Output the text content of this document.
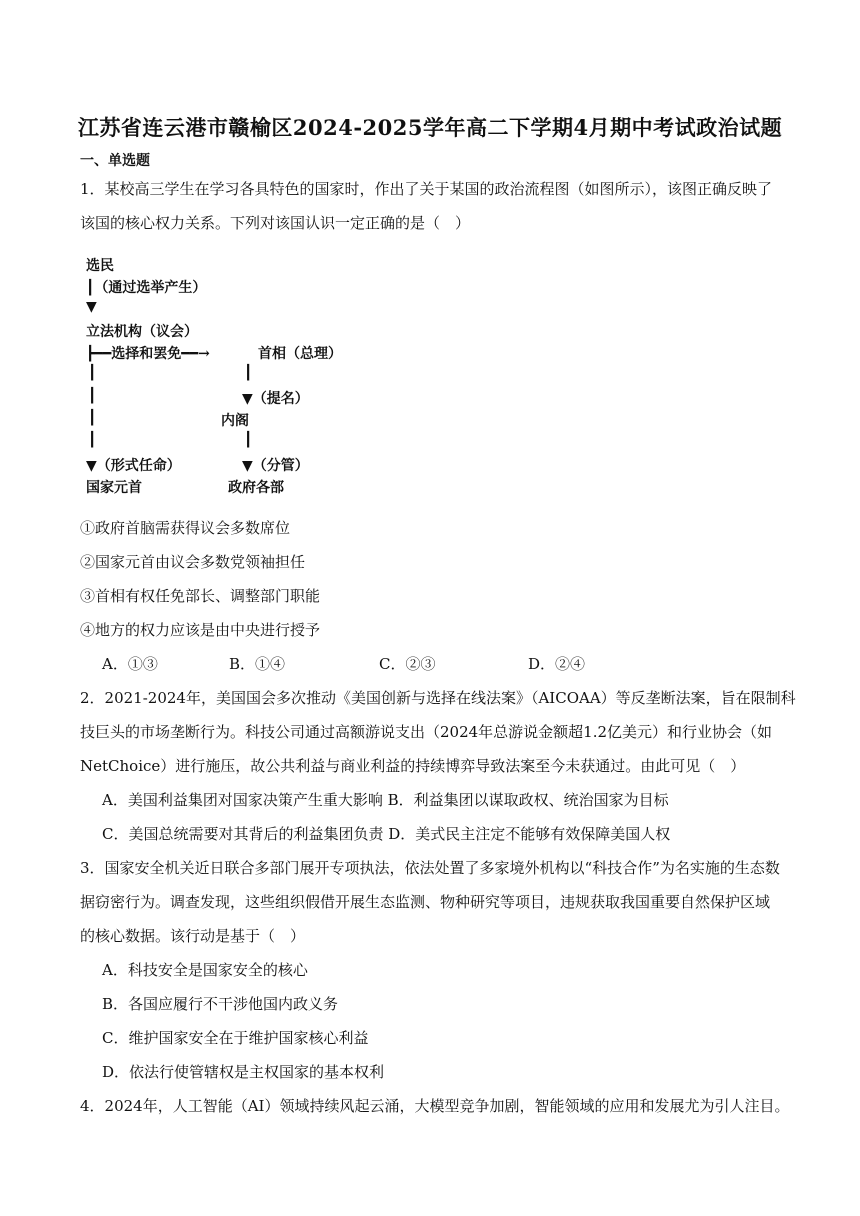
江苏省连云港市赣榆区2024-2025学年高二下学期4月期中考试政治试题
一、单选题
1．某校高三学生在学习各具特色的国家时，作出了关于某国的政治流程图（如图所示），该图正确反映了
该国的核心权力关系。下列对该国认识一定正确的是（　）
选民
┃（通过选举产生）
▼
立法机构（议会）
┣━━选择和罢免━━→	首相（总理）
┃	┃
┃	▼（提名）
┃	内阁
┃	┃
▼（形式任命）	▼（分管）
国家元首	政府各部
①政府首脑需获得议会多数席位
②国家元首由议会多数党领袖担任
③首相有权任免部长、调整部门职能
④地方的权力应该是由中央进行授予
A．①③	B．①④	C．②③	D．②④
2．2021-2024年，美国国会多次推动《美国创新与选择在线法案》（AICOAA）等反垄断法案，旨在限制科
技巨头的市场垄断行为。科技公司通过高额游说支出（2024年总游说金额超1.2亿美元）和行业协会（如
NetChoice）进行施压，故公共利益与商业利益的持续博弈导致法案至今未获通过。由此可见（　）
A．美国利益集团对国家决策产生重大影响 B．利益集团以谋取政权、统治国家为目标
C．美国总统需要对其背后的利益集团负责 D．美式民主注定不能够有效保障美国人权
3．国家安全机关近日联合多部门展开专项执法，依法处置了多家境外机构以“科技合作”为名实施的生态数
据窃密行为。调查发现，这些组织假借开展生态监测、物种研究等项目，违规获取我国重要自然保护区域
的核心数据。该行动是基于（　）
A．科技安全是国家安全的核心
B．各国应履行不干涉他国内政义务
C．维护国家安全在于维护国家核心利益
D．依法行使管辖权是主权国家的基本权利
4．2024年，人工智能（AI）领域持续风起云涌，大模型竞争加剧，智能领域的应用和发展尤为引人注目。
